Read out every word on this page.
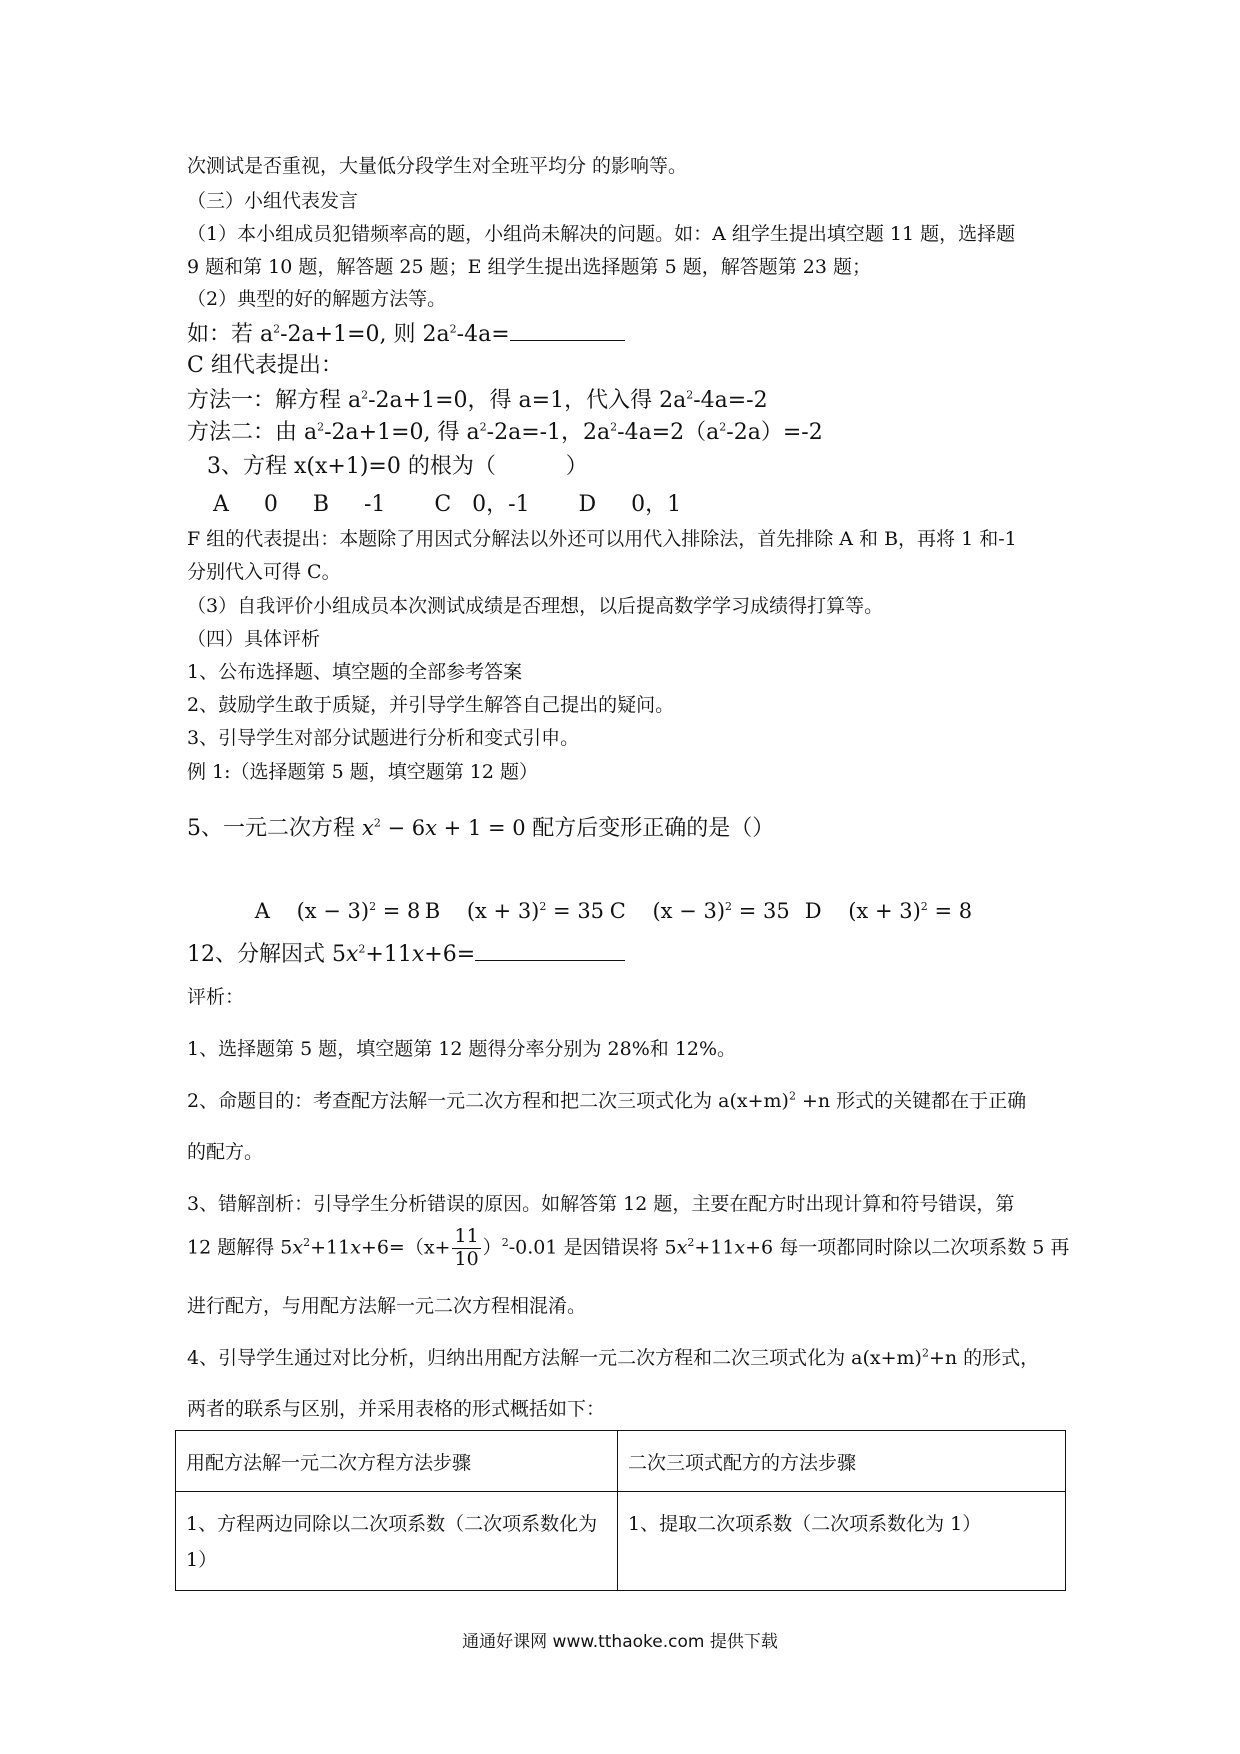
次测试是否重视，大量低分段学生对全班平均分 的影响等。
（三）小组代表发言
（1）本小组成员犯错频率高的题，小组尚未解决的问题。如：A 组学生提出填空题 11 题，选择题
9 题和第 10 题，解答题 25 题；E 组学生提出选择题第 5 题，解答题第 23 题；
（2）典型的好的解题方法等。
如：若 $a^2-2a+1=0$, 则 $2a^2-4a=$
C 组代表提出：
方法一：解方程 $a^2-2a+1=0$，得 a=1，代入得 $2a^2-4a=-2$
方法二：由 $a^2-2a+1=0$, 得 $a^2-2a=-1$，$2a^2-4a=2(a^2-2a)=-2$
3、方程 x(x+1)=0 的根为（          ）
A     0     B     -1       C   0，-1       D     0，1
F 组的代表提出：本题除了用因式分解法以外还可以用代入排除法，首先排除 A 和 B，再将 1 和-1
分别代入可得 C。
（3）自我评价小组成员本次测试成绩是否理想，以后提高数学学习成绩得打算等。
（四）具体评析
1、公布选择题、填空题的全部参考答案
2、鼓励学生敢于质疑，并引导学生解答自己提出的疑问。
3、引导学生对部分试题进行分析和变式引申。
例 1:（选择题第 5 题，填空题第 12 题）
5、一元二次方程 $x^2 - 6x + 1 = 0$ 配方后变形正确的是（）

A    $(x - 3)^2 = 8$ B    $(x + 3)^2 = 35$ C    $(x - 3)^2 = 35$ D    $(x + 3)^2 = 8$

12、分解因式 $5x^2+11x+6=$
评析：
1、选择题第 5 题，填空题第 12 题得分率分别为 28%和 12%。
2、命题目的：考查配方法解一元二次方程和把二次三项式化为 $a(x+m)^2 +n$ 形式的关键都在于正确
的配方。
3、错解剖析：引导学生分析错误的原因。如解答第 12 题，主要在配方时出现计算和符号错误，第
12 题解得 $5x^2+11x+6=(x+ \frac{11}{10} )^2-0.01$ 是因错误将 $5x^2+11x+6$ 每一项都同时除以二次项系数 5 再
进行配方，与用配方法解一元二次方程相混淆。
4、引导学生通过对比分析，归纳出用配方法解一元二次方程和二次三项式化为 $a(x+m)^2+n$ 的形式，
两者的联系与区别，并采用表格的形式概括如下：
用配方法解一元二次方程方法步骤	二次三项式配方的方法步骤
1、方程两边同除以二次项系数（二次项系数化为 1）	1、提取二次项系数（二次项系数化为 1）
通通好课网 www.tthaoke.com 提供下载
